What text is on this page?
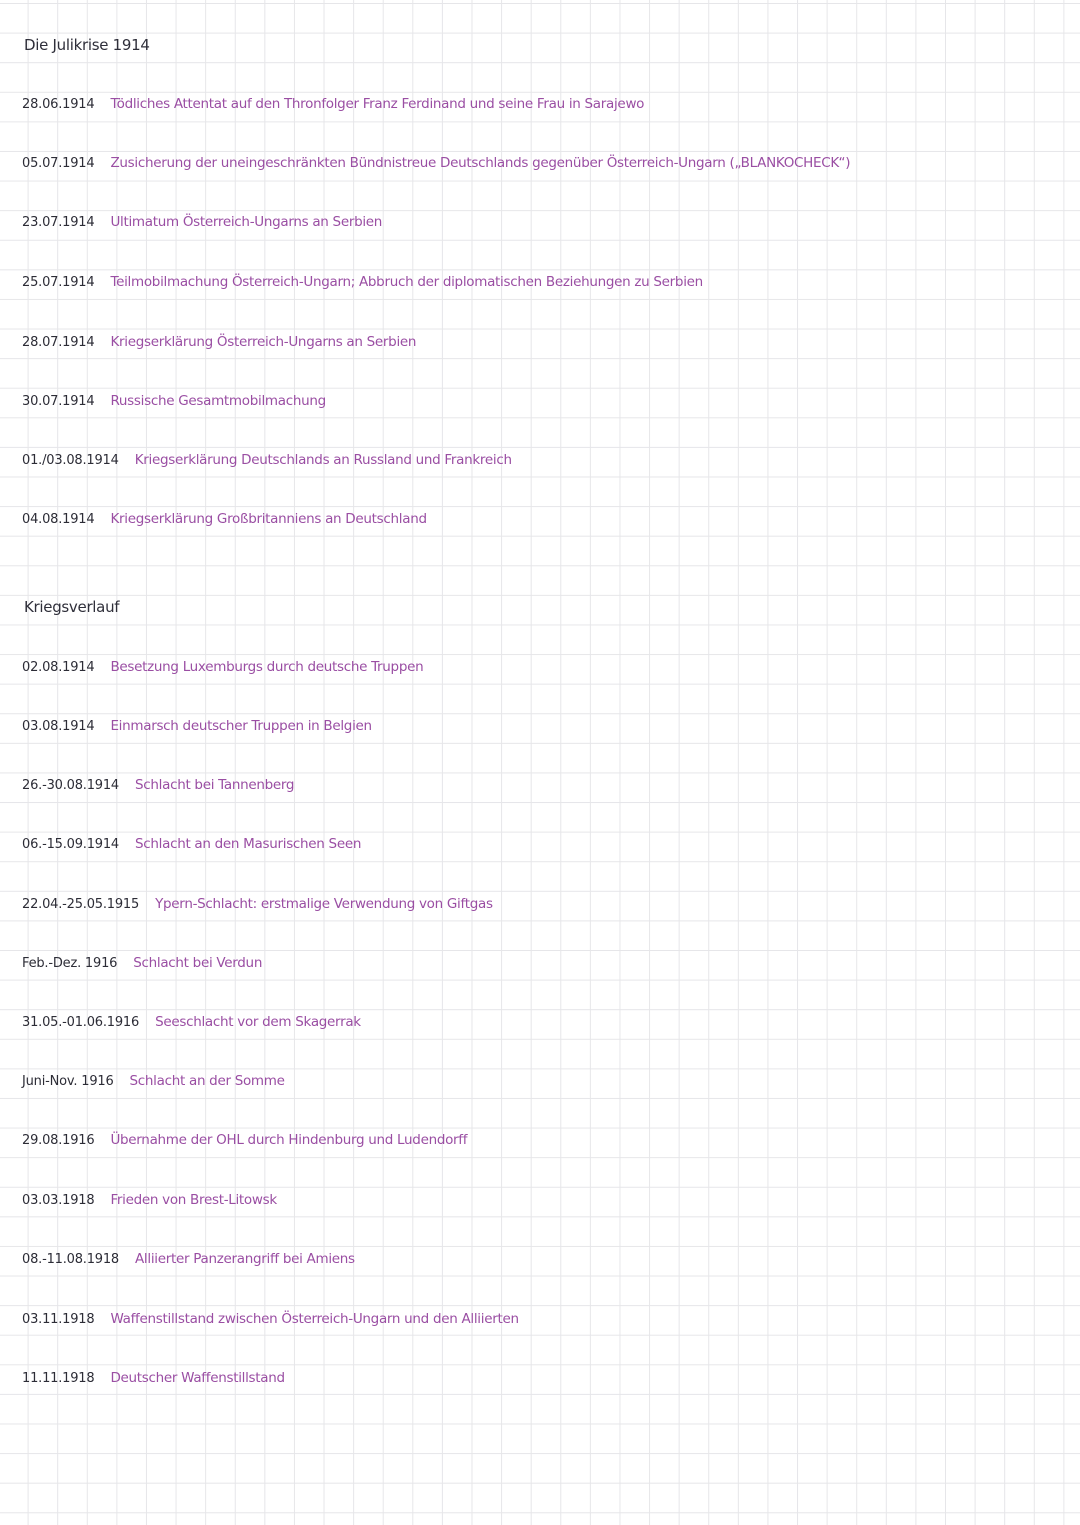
Die Julikrise 1914
28.06.1914 Tödliches Attentat auf den Thronfolger Franz Ferdinand und seine Frau in Sarajewo
05.07.1914 Zusicherung der uneingeschränkten Bündnistreue Deutschlands gegenüber Österreich-Ungarn („BLANKOCHECK“)
23.07.1914 Ultimatum Österreich-Ungarns an Serbien
25.07.1914 Teilmobilmachung Österreich-Ungarn; Abbruch der diplomatischen Beziehungen zu Serbien
28.07.1914 Kriegserklärung Österreich-Ungarns an Serbien
30.07.1914 Russische Gesamtmobilmachung
01./03.08.1914 Kriegserklärung Deutschlands an Russland und Frankreich
04.08.1914 Kriegserklärung Großbritanniens an Deutschland
Kriegsverlauf
02.08.1914 Besetzung Luxemburgs durch deutsche Truppen
03.08.1914 Einmarsch deutscher Truppen in Belgien
26.-30.08.1914 Schlacht bei Tannenberg
06.-15.09.1914 Schlacht an den Masurischen Seen
22.04.-25.05.1915 Ypern-Schlacht: erstmalige Verwendung von Giftgas
Feb.-Dez. 1916 Schlacht bei Verdun
31.05.-01.06.1916 Seeschlacht vor dem Skagerrak
Juni-Nov. 1916 Schlacht an der Somme
29.08.1916 Übernahme der OHL durch Hindenburg und Ludendorff
03.03.1918 Frieden von Brest-Litowsk
08.-11.08.1918 Alliierter Panzerangriff bei Amiens
03.11.1918 Waffenstillstand zwischen Österreich-Ungarn und den Alliierten
11.11.1918 Deutscher Waffenstillstand
